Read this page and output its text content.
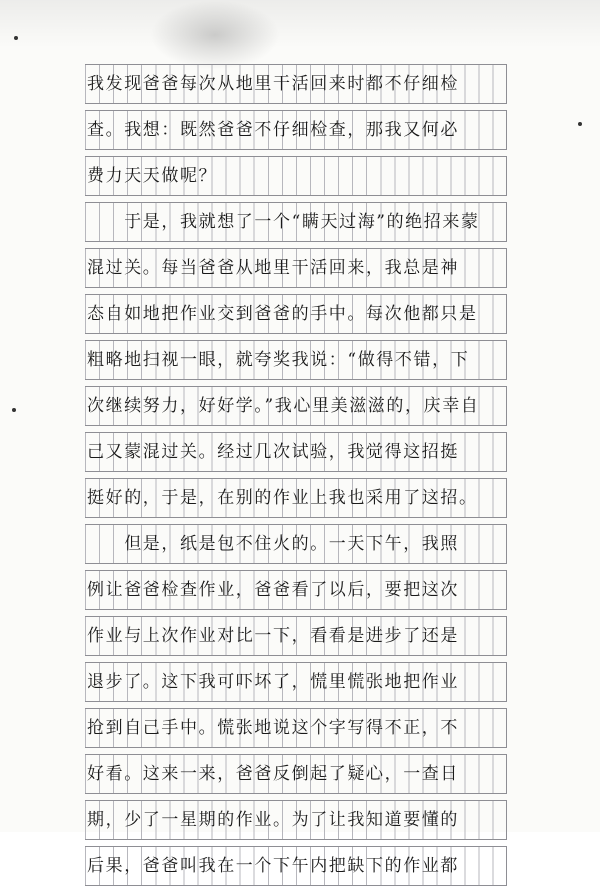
我发现爸爸每次从地里干活回来时都不仔细检
查。我想：既然爸爸不仔细检查，那我又何必
费力天天做呢？
　　于是，我就想了一个“瞒天过海”的绝招来蒙
混过关。每当爸爸从地里干活回来，我总是神
态自如地把作业交到爸爸的手中。每次他都只是
粗略地扫视一眼，就夸奖我说：“做得不错，下
次继续努力，好好学。”我心里美滋滋的，庆幸自
己又蒙混过关。经过几次试验，我觉得这招挺
挺好的，于是，在别的作业上我也采用了这招。
　　但是，纸是包不住火的。一天下午，我照
例让爸爸检查作业，爸爸看了以后，要把这次
作业与上次作业对比一下，看看是进步了还是
退步了。这下我可吓坏了，慌里慌张地把作业
抢到自己手中。慌张地说这个字写得不正，不
好看。这来一来，爸爸反倒起了疑心，一查日
期，少了一星期的作业。为了让我知道要懂的
后果，爸爸叫我在一个下午内把缺下的作业都
